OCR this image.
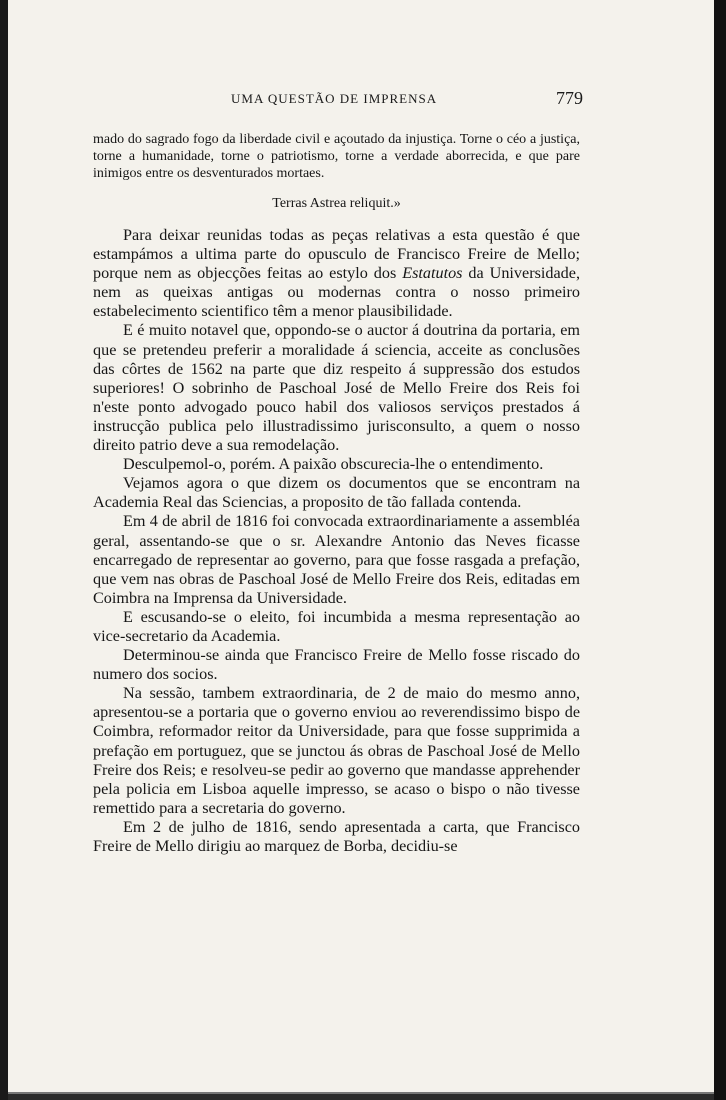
UMA QUESTÃO DE IMPRENSA	779

mado do sagrado fogo da liberdade civil e açoutado da injustiça. Torne o céo a justiça, torne a humanidade, torne o patriotismo, torne a verdade aborrecida, e que pare inimigos entre os desventurados mortaes.

Terras Astrea reliquit.»

Para deixar reunidas todas as peças relativas a esta questão é que estampámos a ultima parte do opusculo de Francisco Freire de Mello; porque nem as objecções feitas ao estylo dos Estatutos da Universidade, nem as queixas antigas ou modernas contra o nosso primeiro estabelecimento scientifico têm a menor plausibilidade.

E é muito notavel que, oppondo-se o auctor á doutrina da portaria, em que se pretendeu preferir a moralidade á sciencia, acceite as conclusões das côrtes de 1562 na parte que diz respeito á suppressão dos estudos superiores! O sobrinho de Paschoal José de Mello Freire dos Reis foi n'este ponto advogado pouco habil dos valiosos serviços prestados á instrucção publica pelo illustradissimo jurisconsulto, a quem o nosso direito patrio deve a sua remodelação.

Desculpemol-o, porém. A paixão obscurecia-lhe o entendimento.

Vejamos agora o que dizem os documentos que se encontram na Academia Real das Sciencias, a proposito de tão fallada contenda.

Em 4 de abril de 1816 foi convocada extraordinariamente a assembléa geral, assentando-se que o sr. Alexandre Antonio das Neves ficasse encarregado de representar ao governo, para que fosse rasgada a prefação, que vem nas obras de Paschoal José de Mello Freire dos Reis, editadas em Coimbra na Imprensa da Universidade.

E escusando-se o eleito, foi incumbida a mesma representação ao vice-secretario da Academia.

Determinou-se ainda que Francisco Freire de Mello fosse riscado do numero dos socios.

Na sessão, tambem extraordinaria, de 2 de maio do mesmo anno, apresentou-se a portaria que o governo enviou ao reverendissimo bispo de Coimbra, reformador reitor da Universidade, para que fosse supprimida a prefação em portuguez, que se junctou ás obras de Paschoal José de Mello Freire dos Reis; e resolveu-se pedir ao governo que mandasse apprehender pela policia em Lisboa aquelle impresso, se acaso o bispo o não tivesse remettido para a secretaria do governo.

Em 2 de julho de 1816, sendo apresentada a carta, que Francisco Freire de Mello dirigiu ao marquez de Borba, decidiu-se
